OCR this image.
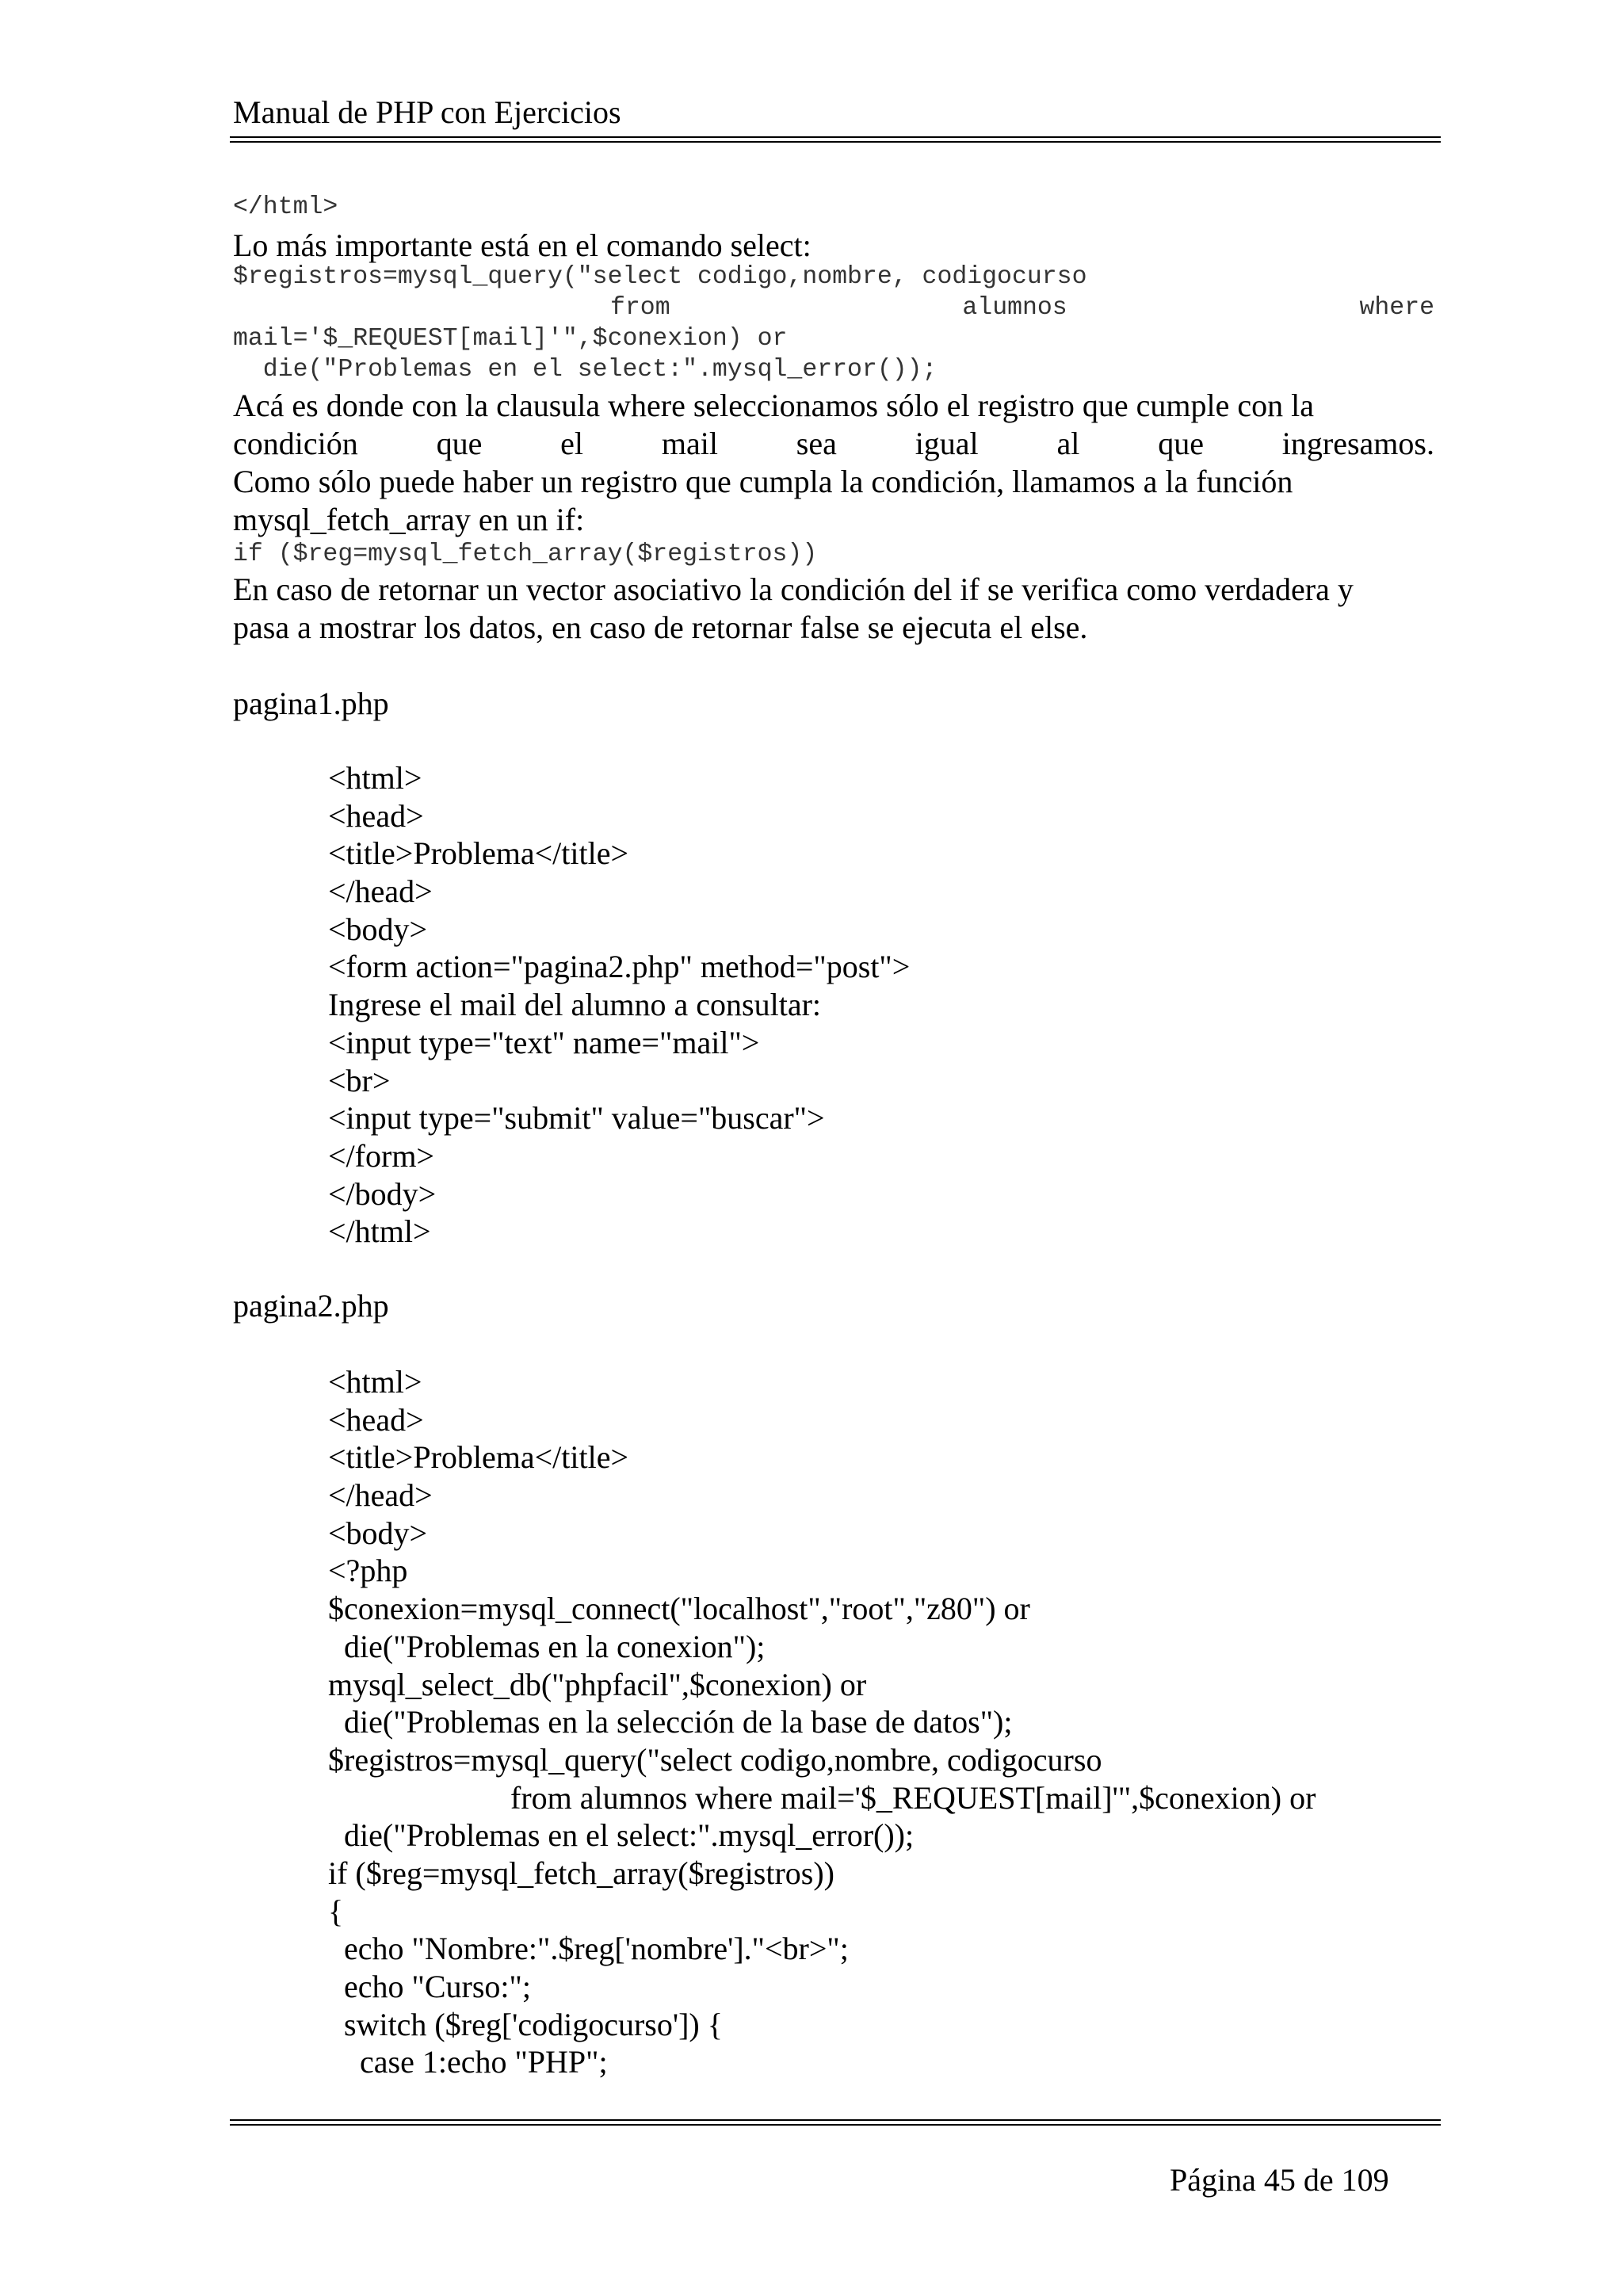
Manual de PHP con Ejercicios
</html>
Lo más importante está en el comando select:
$registros=mysql_query("select codigo,nombre, codigocurso
from	alumnos	where
mail='$_REQUEST[mail]'",$conexion) or
die("Problemas en el select:".mysql_error());
Acá es donde con la clausula where seleccionamos sólo el registro que cumple con la
condición que el mail sea igual al que ingresamos.
Como sólo puede haber un registro que cumpla la condición, llamamos a la función
mysql_fetch_array en un if:
if ($reg=mysql_fetch_array($registros))
En caso de retornar un vector asociativo la condición del if se verifica como verdadera y
pasa a mostrar los datos, en caso de retornar false se ejecuta el else.
pagina1.php
<html>
<head>
<title>Problema</title>
</head>
<body>
<form action="pagina2.php" method="post">
Ingrese el mail del alumno a consultar:
<input type="text" name="mail">
<br>
<input type="submit" value="buscar">
</form>
</body>
</html>
pagina2.php
<html>
<head>
<title>Problema</title>
</head>
<body>
<?php
$conexion=mysql_connect("localhost","root","z80") or
die("Problemas en la conexion");
mysql_select_db("phpfacil",$conexion) or
die("Problemas en la selección de la base de datos");
$registros=mysql_query("select codigo,nombre, codigocurso
from alumnos where mail='$_REQUEST[mail]'",$conexion) or
die("Problemas en el select:".mysql_error());
if ($reg=mysql_fetch_array($registros))
{
echo "Nombre:".$reg['nombre']."<br>";
echo "Curso:";
switch ($reg['codigocurso']) {
case 1:echo "PHP";
Página 45 de 109
